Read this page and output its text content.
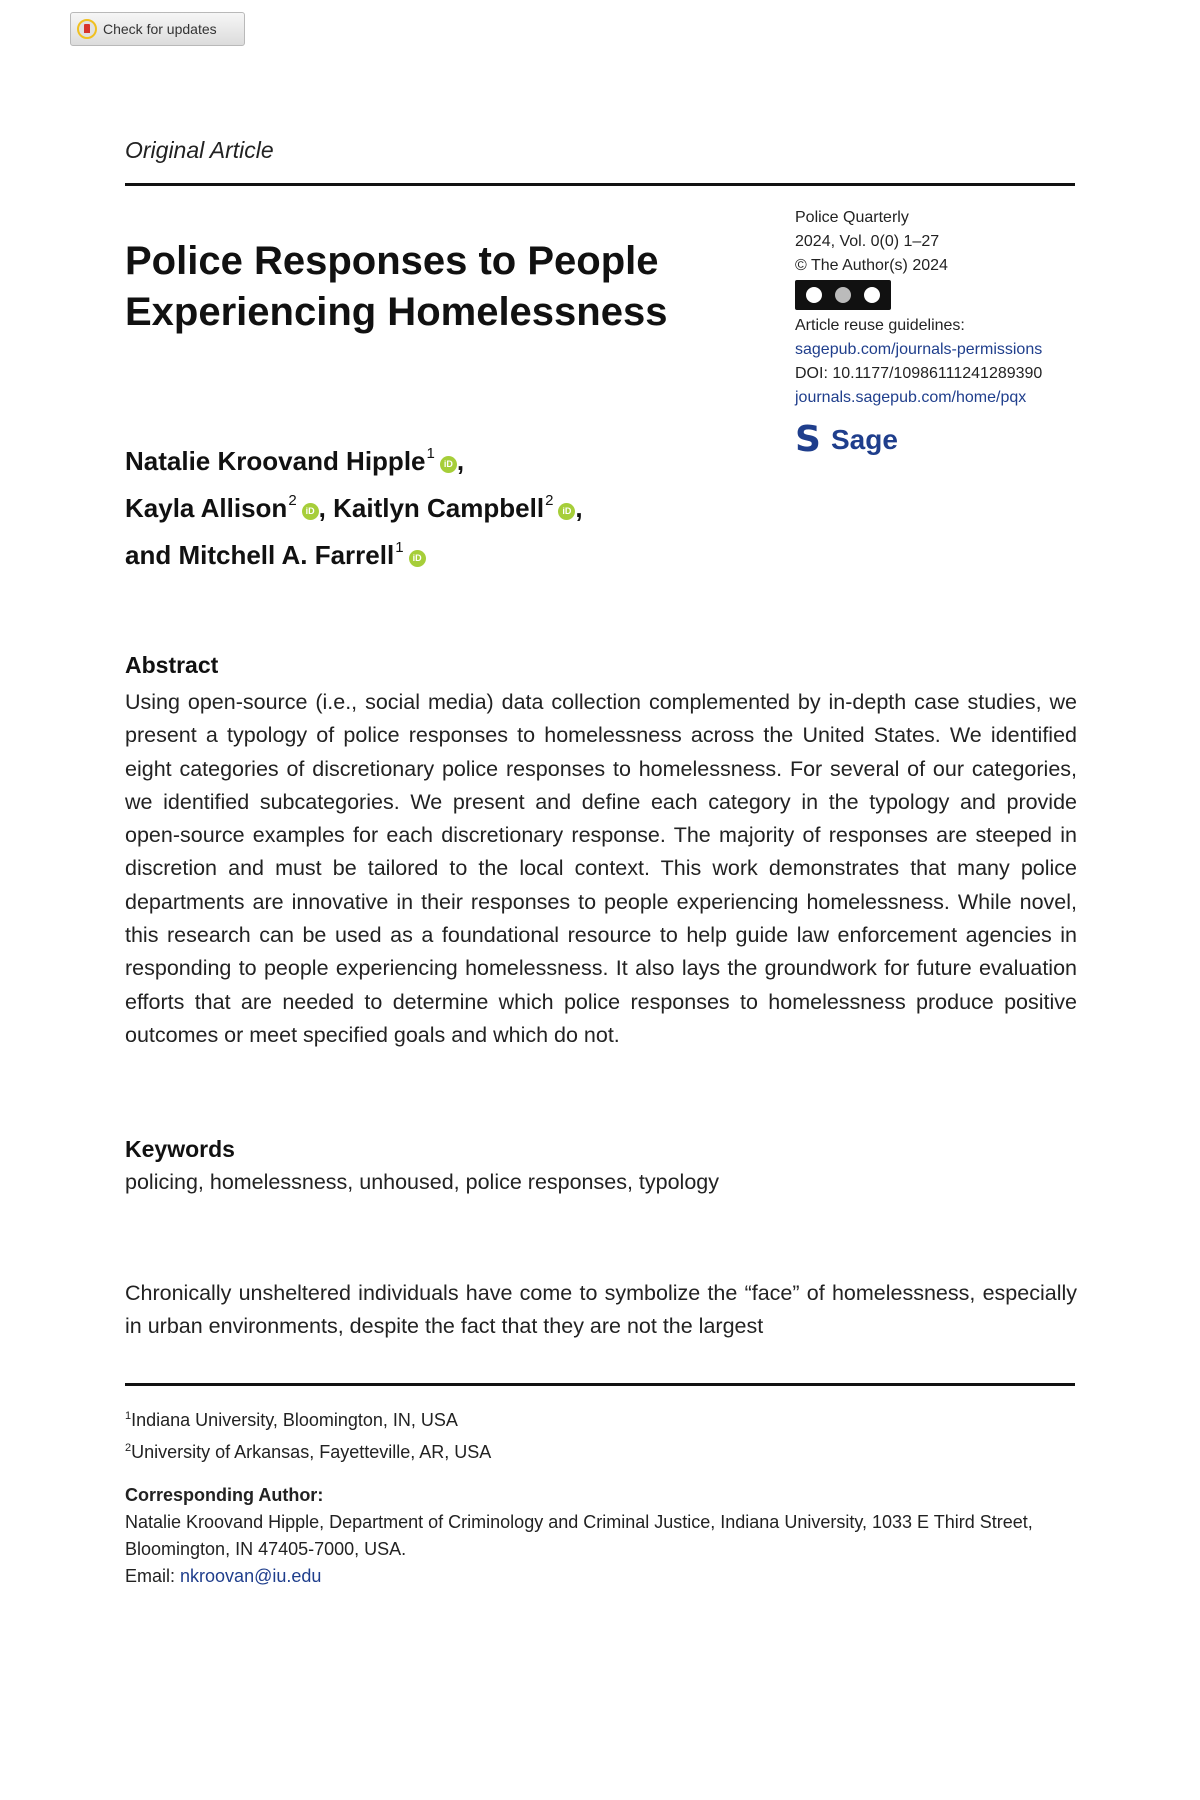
Check for updates
Original Article
Police Responses to People Experiencing Homelessness
Police Quarterly
2024, Vol. 0(0) 1–27
© The Author(s) 2024
Article reuse guidelines:
sagepub.com/journals-permissions
DOI: 10.1177/10986111241289390
journals.sagepub.com/home/pqx
S Sage
Natalie Kroovand Hipple$^1$iD ,
Kayla Allison$^2$iD , Kaitlyn Campbell$^2$iD ,
and Mitchell A. Farrell$^1$iD
Abstract

Using open-source (i.e., social media) data collection complemented by in-depth case studies, we present a typology of police responses to homelessness across the United States. We identified eight categories of discretionary police responses to homelessness. For several of our categories, we identified subcategories. We present and define each category in the typology and provide open-source examples for each discretionary response. The majority of responses are steeped in discretion and must be tailored to the local context. This work demonstrates that many police departments are innovative in their responses to people experiencing homelessness. While novel, this research can be used as a foundational resource to help guide law enforcement agencies in responding to people experiencing homelessness. It also lays the groundwork for future evaluation efforts that are needed to determine which police responses to homelessness produce positive outcomes or meet specified goals and which do not.

Keywords

policing, homelessness, unhoused, police responses, typology

Chronically unsheltered individuals have come to symbolize the “face” of homelessness, especially in urban environments, despite the fact that they are not the largest

$^1$Indiana University, Bloomington, IN, USA
$^2$University of Arkansas, Fayetteville, AR, USA
Corresponding Author:
Natalie Kroovand Hipple, Department of Criminology and Criminal Justice, Indiana University, 1033 E Third Street, Bloomington, IN 47405-7000, USA.
Email: nkroovan@iu.edu
